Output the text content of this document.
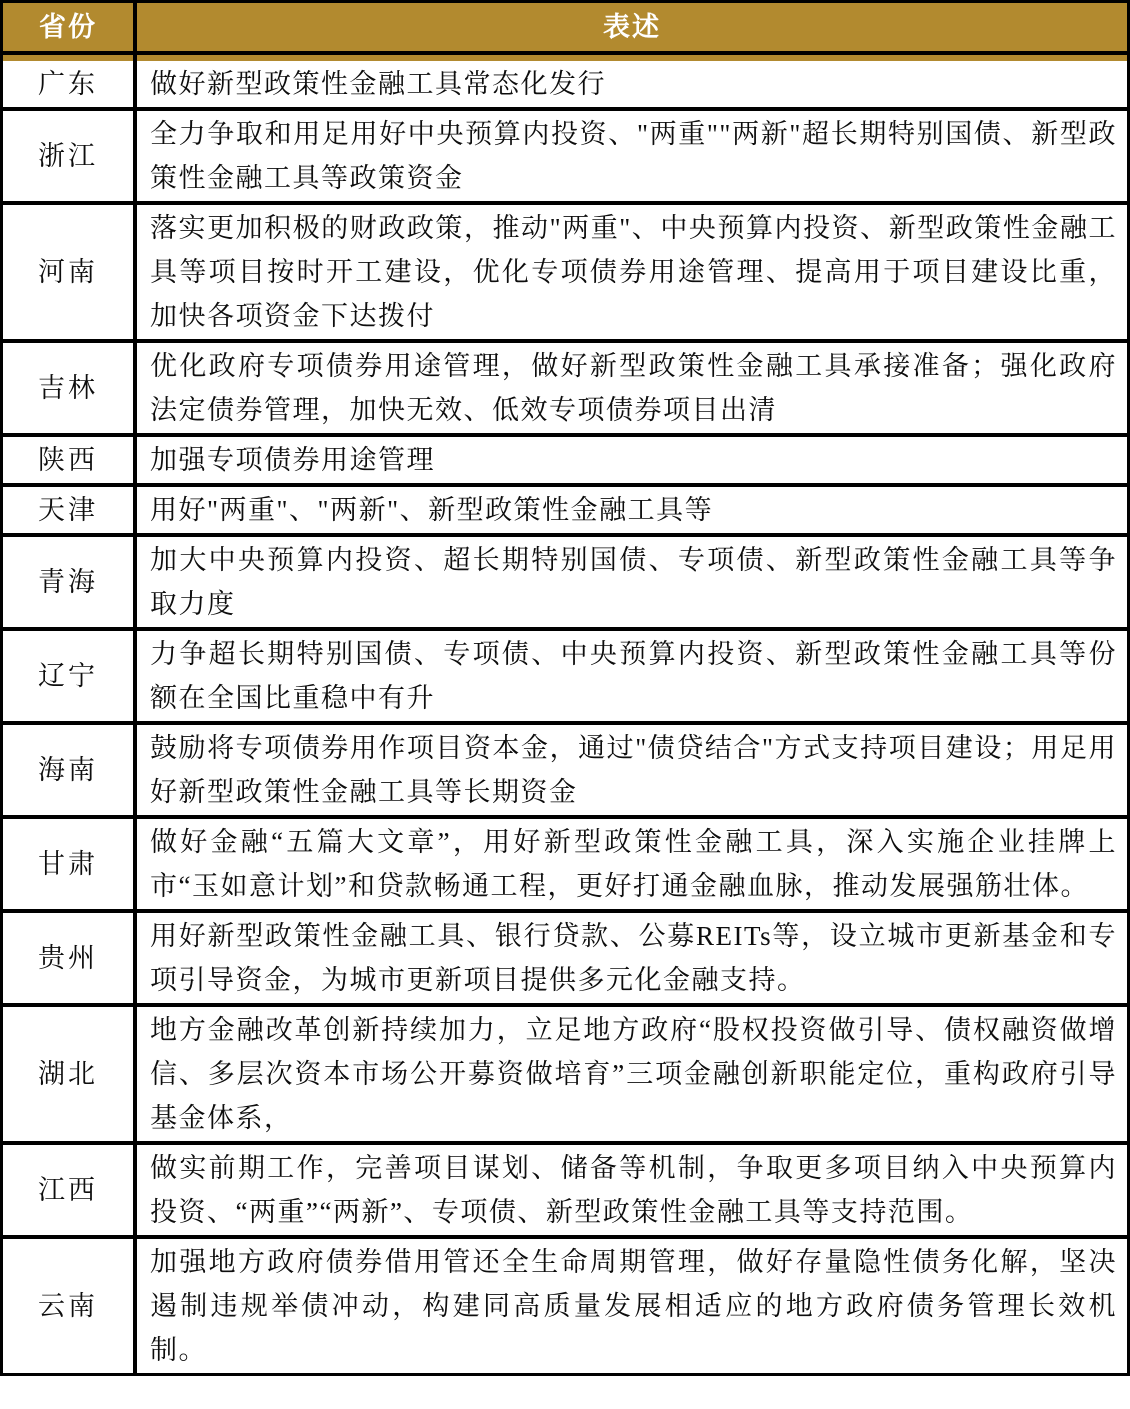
省份	表述

广东	做好新型政策性金融工具常态化发行
浙江	全力争取和用足用好中央预算内投资、"两重""两新"超长期特别国债、新型政策性金融工具等政策资金
河南	落实更加积极的财政政策，推动"两重"、中央预算内投资、新型政策性金融工具等项目按时开工建设，优化专项债券用途管理、提高用于项目建设比重，加快各项资金下达拨付
吉林	优化政府专项债券用途管理，做好新型政策性金融工具承接准备；强化政府法定债券管理，加快无效、低效专项债券项目出清
陕西	加强专项债券用途管理
天津	用好"两重"、"两新"、新型政策性金融工具等
青海	加大中央预算内投资、超长期特别国债、专项债、新型政策性金融工具等争取力度
辽宁	力争超长期特别国债、专项债、中央预算内投资、新型政策性金融工具等份额在全国比重稳中有升
海南	鼓励将专项债券用作项目资本金，通过"债贷结合"方式支持项目建设；用足用好新型政策性金融工具等长期资金
甘肃	做好金融“五篇大文章”，用好新型政策性金融工具，深入实施企业挂牌上市“玉如意计划”和贷款畅通工程，更好打通金融血脉，推动发展强筋壮体。
贵州	用好新型政策性金融工具、银行贷款、公募REITs等，设立城市更新基金和专项引导资金，为城市更新项目提供多元化金融支持。
湖北	地方金融改革创新持续加力，立足地方政府“股权投资做引导、债权融资做增信、多层次资本市场公开募资做培育”三项金融创新职能定位，重构政府引导基金体系，
江西	做实前期工作，完善项目谋划、储备等机制，争取更多项目纳入中央预算内投资、“两重”“两新”、专项债、新型政策性金融工具等支持范围。
云南	加强地方政府债券借用管还全生命周期管理，做好存量隐性债务化解，坚决遏制违规举债冲动，构建同高质量发展相适应的地方政府债务管理长效机制。
